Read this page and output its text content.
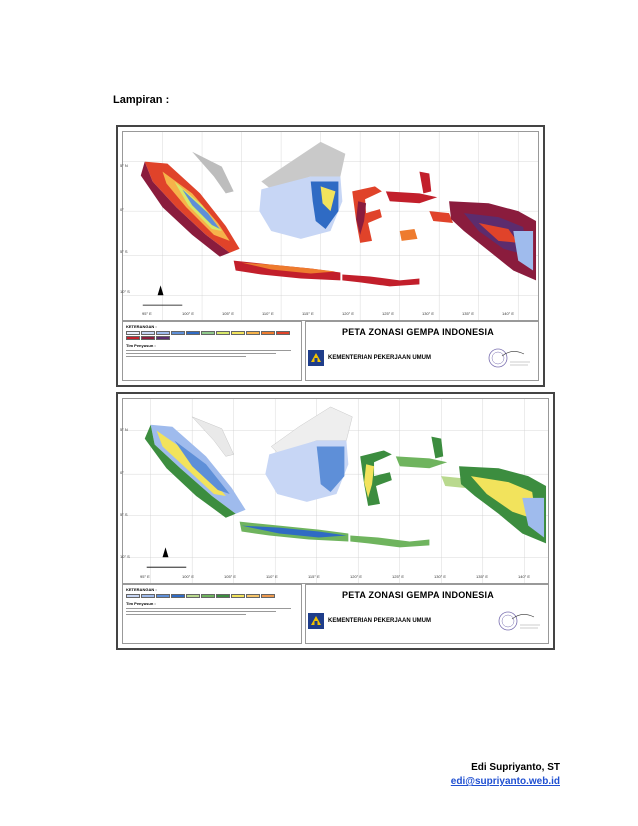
Lampiran :
5° N
0°
5° S
10° S
95° E	100° E	105° E	110° E	115° E	120° E	125° E	130° E	135° E	140° E
KETERANGAN :
Tim Penyusun :
PETA ZONASI GEMPA INDONESIA
KEMENTERIAN PEKERJAAN UMUM
5° N
0°
5° S
10° S
95° E	100° E	105° E	110° E	115° E	120° E	125° E	130° E	135° E	140° E
KETERANGAN :
Tim Penyusun :
PETA ZONASI GEMPA INDONESIA
KEMENTERIAN PEKERJAAN UMUM
Edi Supriyanto, ST
edi@supriyanto.web.id
